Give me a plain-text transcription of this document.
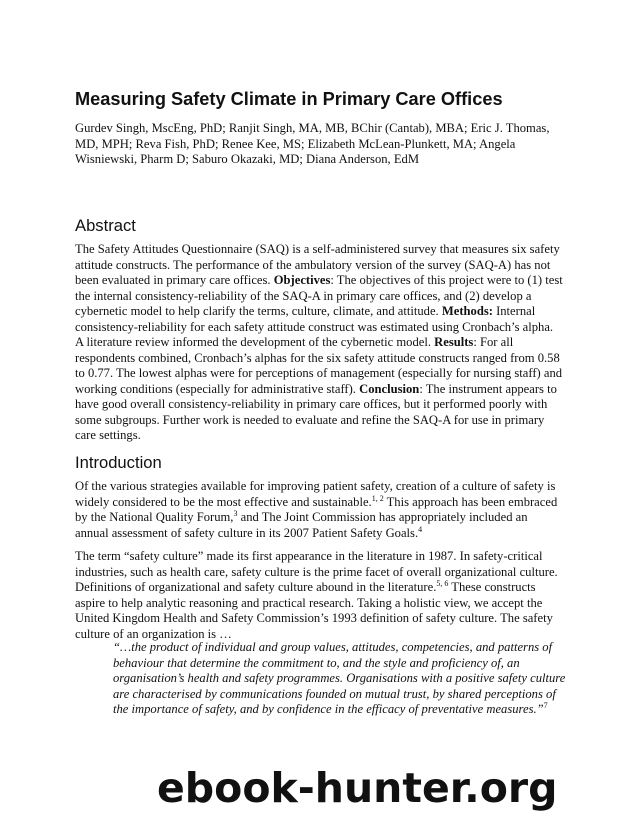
Measuring Safety Climate in Primary Care Offices

Gurdev Singh, MscEng, PhD; Ranjit Singh, MA, MB, BChir (Cantab), MBA; Eric J. Thomas, MD, MPH; Reva Fish, PhD; Renee Kee, MS; Elizabeth McLean-Plunkett, MA; Angela Wisniewski, Pharm D; Saburo Okazaki, MD; Diana Anderson, EdM

Abstract

The Safety Attitudes Questionnaire (SAQ) is a self-administered survey that measures six safety attitude constructs. The performance of the ambulatory version of the survey (SAQ-A) has not been evaluated in primary care offices. Objectives: The objectives of this project were to (1) test the internal consistency-reliability of the SAQ-A in primary care offices, and (2) develop a cybernetic model to help clarify the terms, culture, climate, and attitude. Methods: Internal consistency-reliability for each safety attitude construct was estimated using Cronbach’s alpha. A literature review informed the development of the cybernetic model. Results: For all respondents combined, Cronbach’s alphas for the six safety attitude constructs ranged from 0.58 to 0.77. The lowest alphas were for perceptions of management (especially for nursing staff) and working conditions (especially for administrative staff). Conclusion: The instrument appears to have good overall consistency-reliability in primary care offices, but it performed poorly with some subgroups. Further work is needed to evaluate and refine the SAQ-A for use in primary care settings.

Introduction

Of the various strategies available for improving patient safety, creation of a culture of safety is widely considered to be the most effective and sustainable.$^{1, 2}$ This approach has been embraced by the National Quality Forum,$^3$ and The Joint Commission has appropriately included an annual assessment of safety culture in its 2007 Patient Safety Goals.$^4$

The term “safety culture” made its first appearance in the literature in 1987. In safety-critical industries, such as health care, safety culture is the prime facet of overall organizational culture. Definitions of organizational and safety culture abound in the literature.$^{5, 6}$ These constructs aspire to help analytic reasoning and practical research. Taking a holistic view, we accept the United Kingdom Health and Safety Commission’s 1993 definition of safety culture. The safety culture of an organization is …

“…the product of individual and group values, attitudes, competencies, and patterns of behaviour that determine the commitment to, and the style and proficiency of, an organisation’s health and safety programmes. Organisations with a positive safety culture are characterised by communications founded on mutual trust, by shared perceptions of the importance of safety, and by confidence in the efficacy of preventative measures.”$^7$

ebook-hunter.org
